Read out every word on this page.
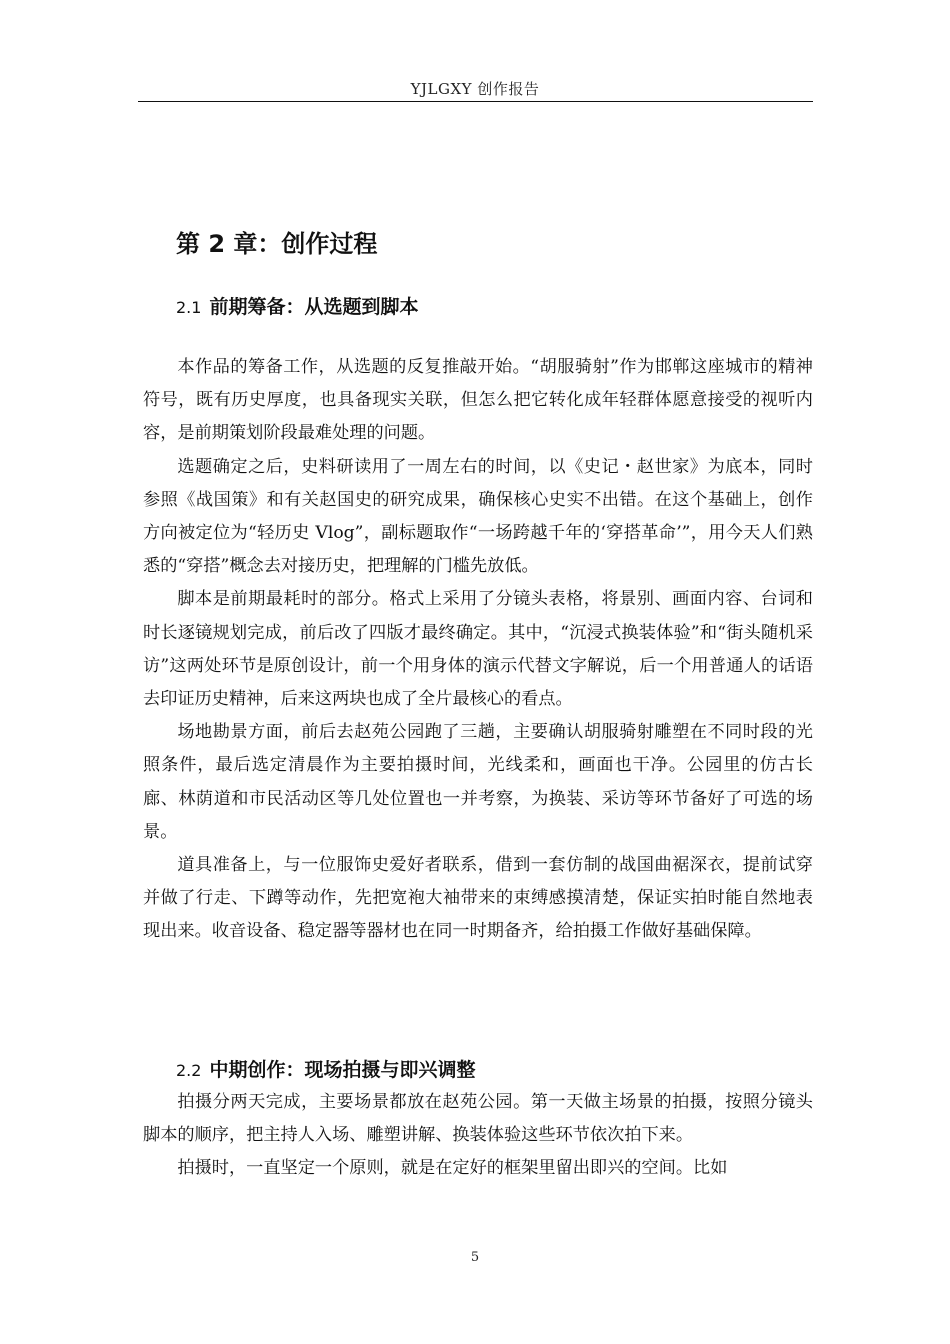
YJLGXY 创作报告
第 2 章：创作过程
2.1 前期筹备：从选题到脚本

本作品的筹备工作，从选题的反复推敲开始。“胡服骑射”作为邯郸这座城市的精神符号，既有历史厚度，也具备现实关联，但怎么把它转化成年轻群体愿意接受的视听内容，是前期策划阶段最难处理的问题。

选题确定之后，史料研读用了一周左右的时间，以《史记・赵世家》为底本，同时参照《战国策》和有关赵国史的研究成果，确保核心史实不出错。在这个基础上，创作方向被定位为“轻历史 Vlog”，副标题取作“一场跨越千年的‘穿搭革命’”，用今天人们熟悉的“穿搭”概念去对接历史，把理解的门槛先放低。

脚本是前期最耗时的部分。格式上采用了分镜头表格，将景别、画面内容、台词和时长逐镜规划完成，前后改了四版才最终确定。其中，“沉浸式换装体验”和“街头随机采访”这两处环节是原创设计，前一个用身体的演示代替文字解说，后一个用普通人的话语去印证历史精神，后来这两块也成了全片最核心的看点。

场地勘景方面，前后去赵苑公园跑了三趟，主要确认胡服骑射雕塑在不同时段的光照条件，最后选定清晨作为主要拍摄时间，光线柔和，画面也干净。公园里的仿古长廊、林荫道和市民活动区等几处位置也一并考察，为换装、采访等环节备好了可选的场景。

道具准备上，与一位服饰史爱好者联系，借到一套仿制的战国曲裾深衣，提前试穿并做了行走、下蹲等动作，先把宽袍大袖带来的束缚感摸清楚，保证实拍时能自然地表现出来。收音设备、稳定器等器材也在同一时期备齐，给拍摄工作做好基础保障。

2.2 中期创作：现场拍摄与即兴调整

拍摄分两天完成，主要场景都放在赵苑公园。第一天做主场景的拍摄，按照分镜头脚本的顺序，把主持人入场、雕塑讲解、换装体验这些环节依次拍下来。

拍摄时，一直坚定一个原则，就是在定好的框架里留出即兴的空间。比如

5
